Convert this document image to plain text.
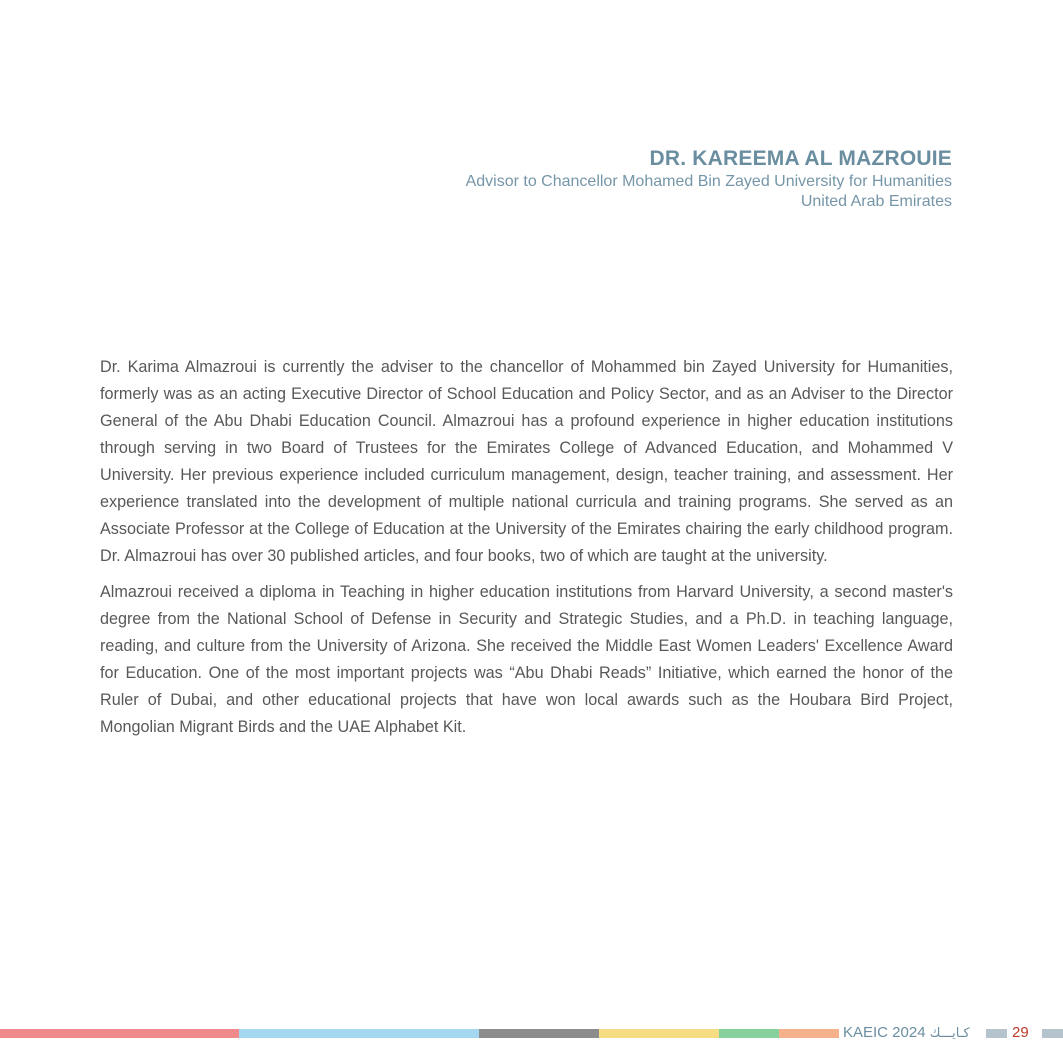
DR. KAREEMA AL MAZROUIE
Advisor to Chancellor Mohamed Bin Zayed University for Humanities
United Arab Emirates

Dr. Karima Almazroui is currently the adviser to the chancellor of Mohammed bin Zayed University for Humanities, formerly was as an acting Executive Director of School Education and Policy Sector, and as an Adviser to the Director General of the Abu Dhabi Education Council. Almazroui has a profound experience in higher education institutions through serving in two Board of Trustees for the Emirates College of Advanced Education, and Mohammed V University. Her previous experience included curriculum management, design, teacher training, and assessment. Her experience translated into the development of multiple national curricula and training programs. She served as an Associate Professor at the College of Education at the University of the Emirates chairing the early childhood program. Dr. Almazroui has over 30 published articles, and four books, two of which are taught at the university.

Almazroui received a diploma in Teaching in higher education institutions from Harvard University, a second master's degree from the National School of Defense in Security and Strategic Studies, and a Ph.D. in teaching language, reading, and culture from the University of Arizona. She received the Middle East Women Leaders' Excellence Award for Education. One of the most important projects was “Abu Dhabi Reads” Initiative, which earned the honor of the Ruler of Dubai, and other educational projects that have won local awards such as the Houbara Bird Project, Mongolian Migrant Birds and the UAE Alphabet Kit.

KAEIC 2024 كـايـــك	29
